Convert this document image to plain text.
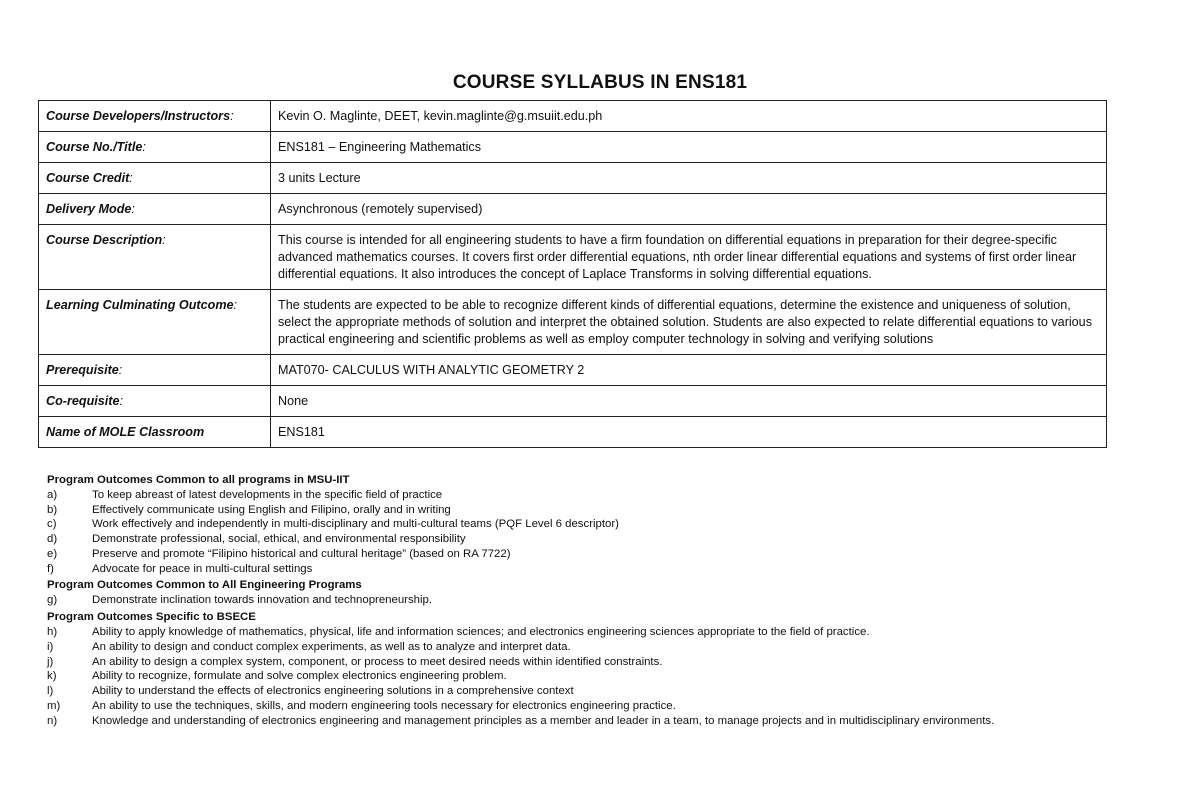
COURSE SYLLABUS IN ENS181
Course Developers/Instructors:	Kevin O. Maglinte, DEET, kevin.maglinte@g.msuiit.edu.ph
Course No./Title:	ENS181 – Engineering Mathematics
Course Credit:	3 units Lecture
Delivery Mode:	Asynchronous (remotely supervised)
Course Description:	This course is intended for all engineering students to have a firm foundation on differential equations in preparation for their degree-specific advanced mathematics courses. It covers first order differential equations, nth order linear differential equations and systems of first order linear differential equations. It also introduces the concept of Laplace Transforms in solving differential equations.
Learning Culminating Outcome:	The students are expected to be able to recognize different kinds of differential equations, determine the existence and uniqueness of solution, select the appropriate methods of solution and interpret the obtained solution. Students are also expected to relate differential equations to various practical engineering and scientific problems as well as employ computer technology in solving and verifying solutions
Prerequisite:	MAT070- CALCULUS WITH ANALYTIC GEOMETRY 2
Co-requisite:	None
Name of MOLE Classroom	ENS181
Program Outcomes Common to all programs in MSU-IIT
a)	To keep abreast of latest developments in the specific field of practice
b)	Effectively communicate using English and Filipino, orally and in writing
c)	Work effectively and independently in multi-disciplinary and multi-cultural teams (PQF Level 6 descriptor)
d)	Demonstrate professional, social, ethical, and environmental responsibility
e)	Preserve and promote “Filipino historical and cultural heritage” (based on RA 7722)
f)	Advocate for peace in multi-cultural settings
Program Outcomes Common to All Engineering Programs
g)	Demonstrate inclination towards innovation and technopreneurship.
Program Outcomes Specific to BSECE
h)	Ability to apply knowledge of mathematics, physical, life and information sciences; and electronics engineering sciences appropriate to the field of practice.
i)	An ability to design and conduct complex experiments, as well as to analyze and interpret data.
j)	An ability to design a complex system, component, or process to meet desired needs within identified constraints.
k)	Ability to recognize, formulate and solve complex electronics engineering problem.
l)	Ability to understand the effects of electronics engineering solutions in a comprehensive context
m)	An ability to use the techniques, skills, and modern engineering tools necessary for electronics engineering practice.
n)	Knowledge and understanding of electronics engineering and management principles as a member and leader in a team, to manage projects and in multidisciplinary environments.
